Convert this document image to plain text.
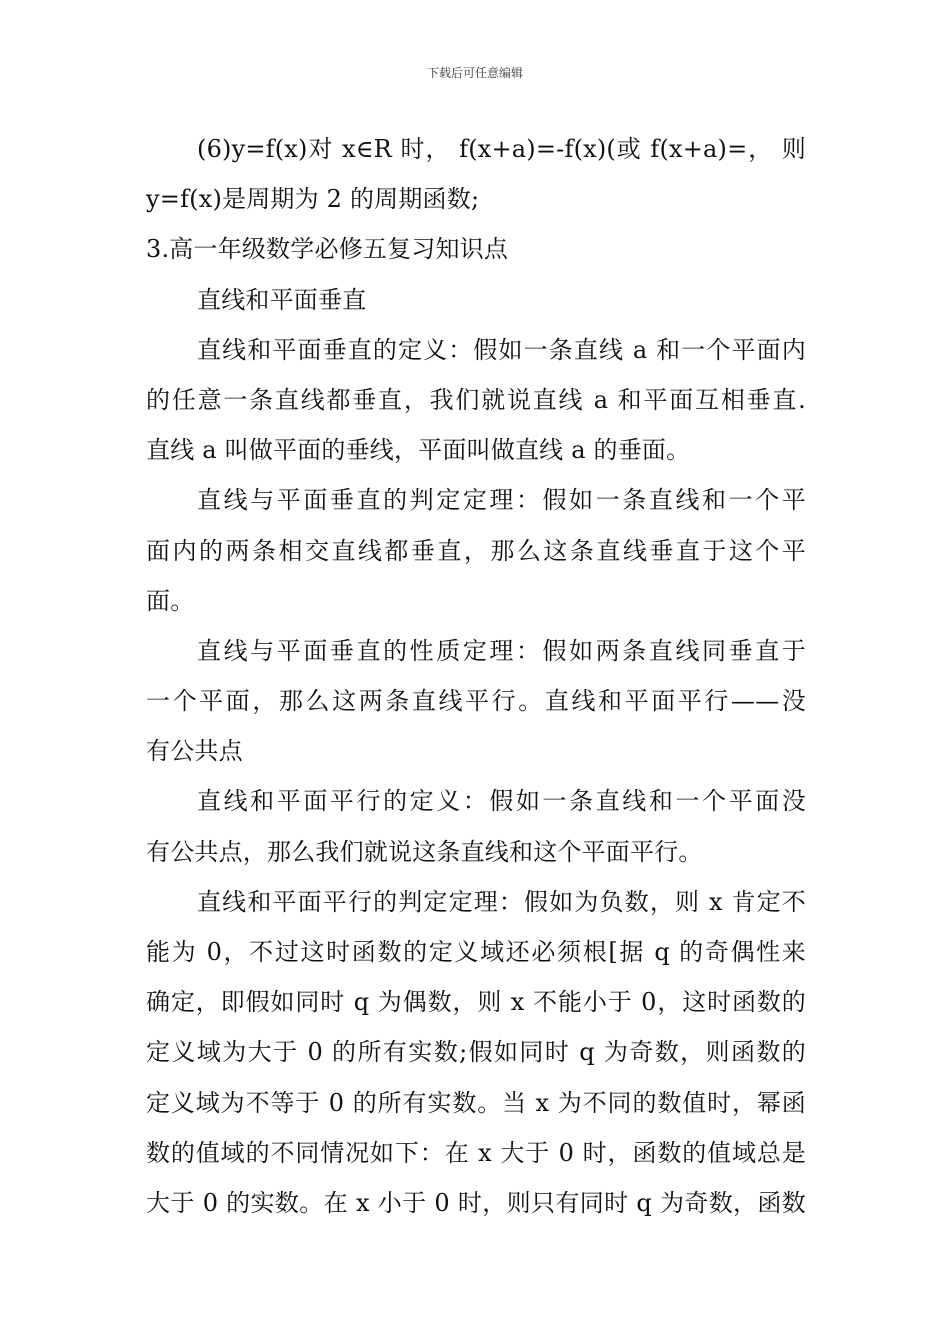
下载后可任意编辑
(6)y=f(x)对 x∈R 时， f(x+a)=-f(x)(或 f(x+a)=， 则
y=f(x)是周期为 2 的周期函数;
3.高一年级数学必修五复习知识点
直线和平面垂直
直线和平面垂直的定义：假如一条直线 a 和一个平面内
的任意一条直线都垂直，我们就说直线 a 和平面互相垂直.
直线 a 叫做平面的垂线，平面叫做直线 a 的垂面。
直线与平面垂直的判定定理：假如一条直线和一个平
面内的两条相交直线都垂直，那么这条直线垂直于这个平
面。
直线与平面垂直的性质定理：假如两条直线同垂直于
一个平面，那么这两条直线平行。直线和平面平行——没
有公共点
直线和平面平行的定义：假如一条直线和一个平面没
有公共点，那么我们就说这条直线和这个平面平行。
直线和平面平行的判定定理：假如为负数，则 x 肯定不
能为 0，不过这时函数的定义域还必须根[据 q 的奇偶性来
确定，即假如同时 q 为偶数，则 x 不能小于 0，这时函数的
定义域为大于 0 的所有实数;假如同时 q 为奇数，则函数的
定义域为不等于 0 的所有实数。当 x 为不同的数值时，幂函
数的值域的不同情况如下：在 x 大于 0 时，函数的值域总是
大于 0 的实数。在 x 小于 0 时，则只有同时 q 为奇数，函数
